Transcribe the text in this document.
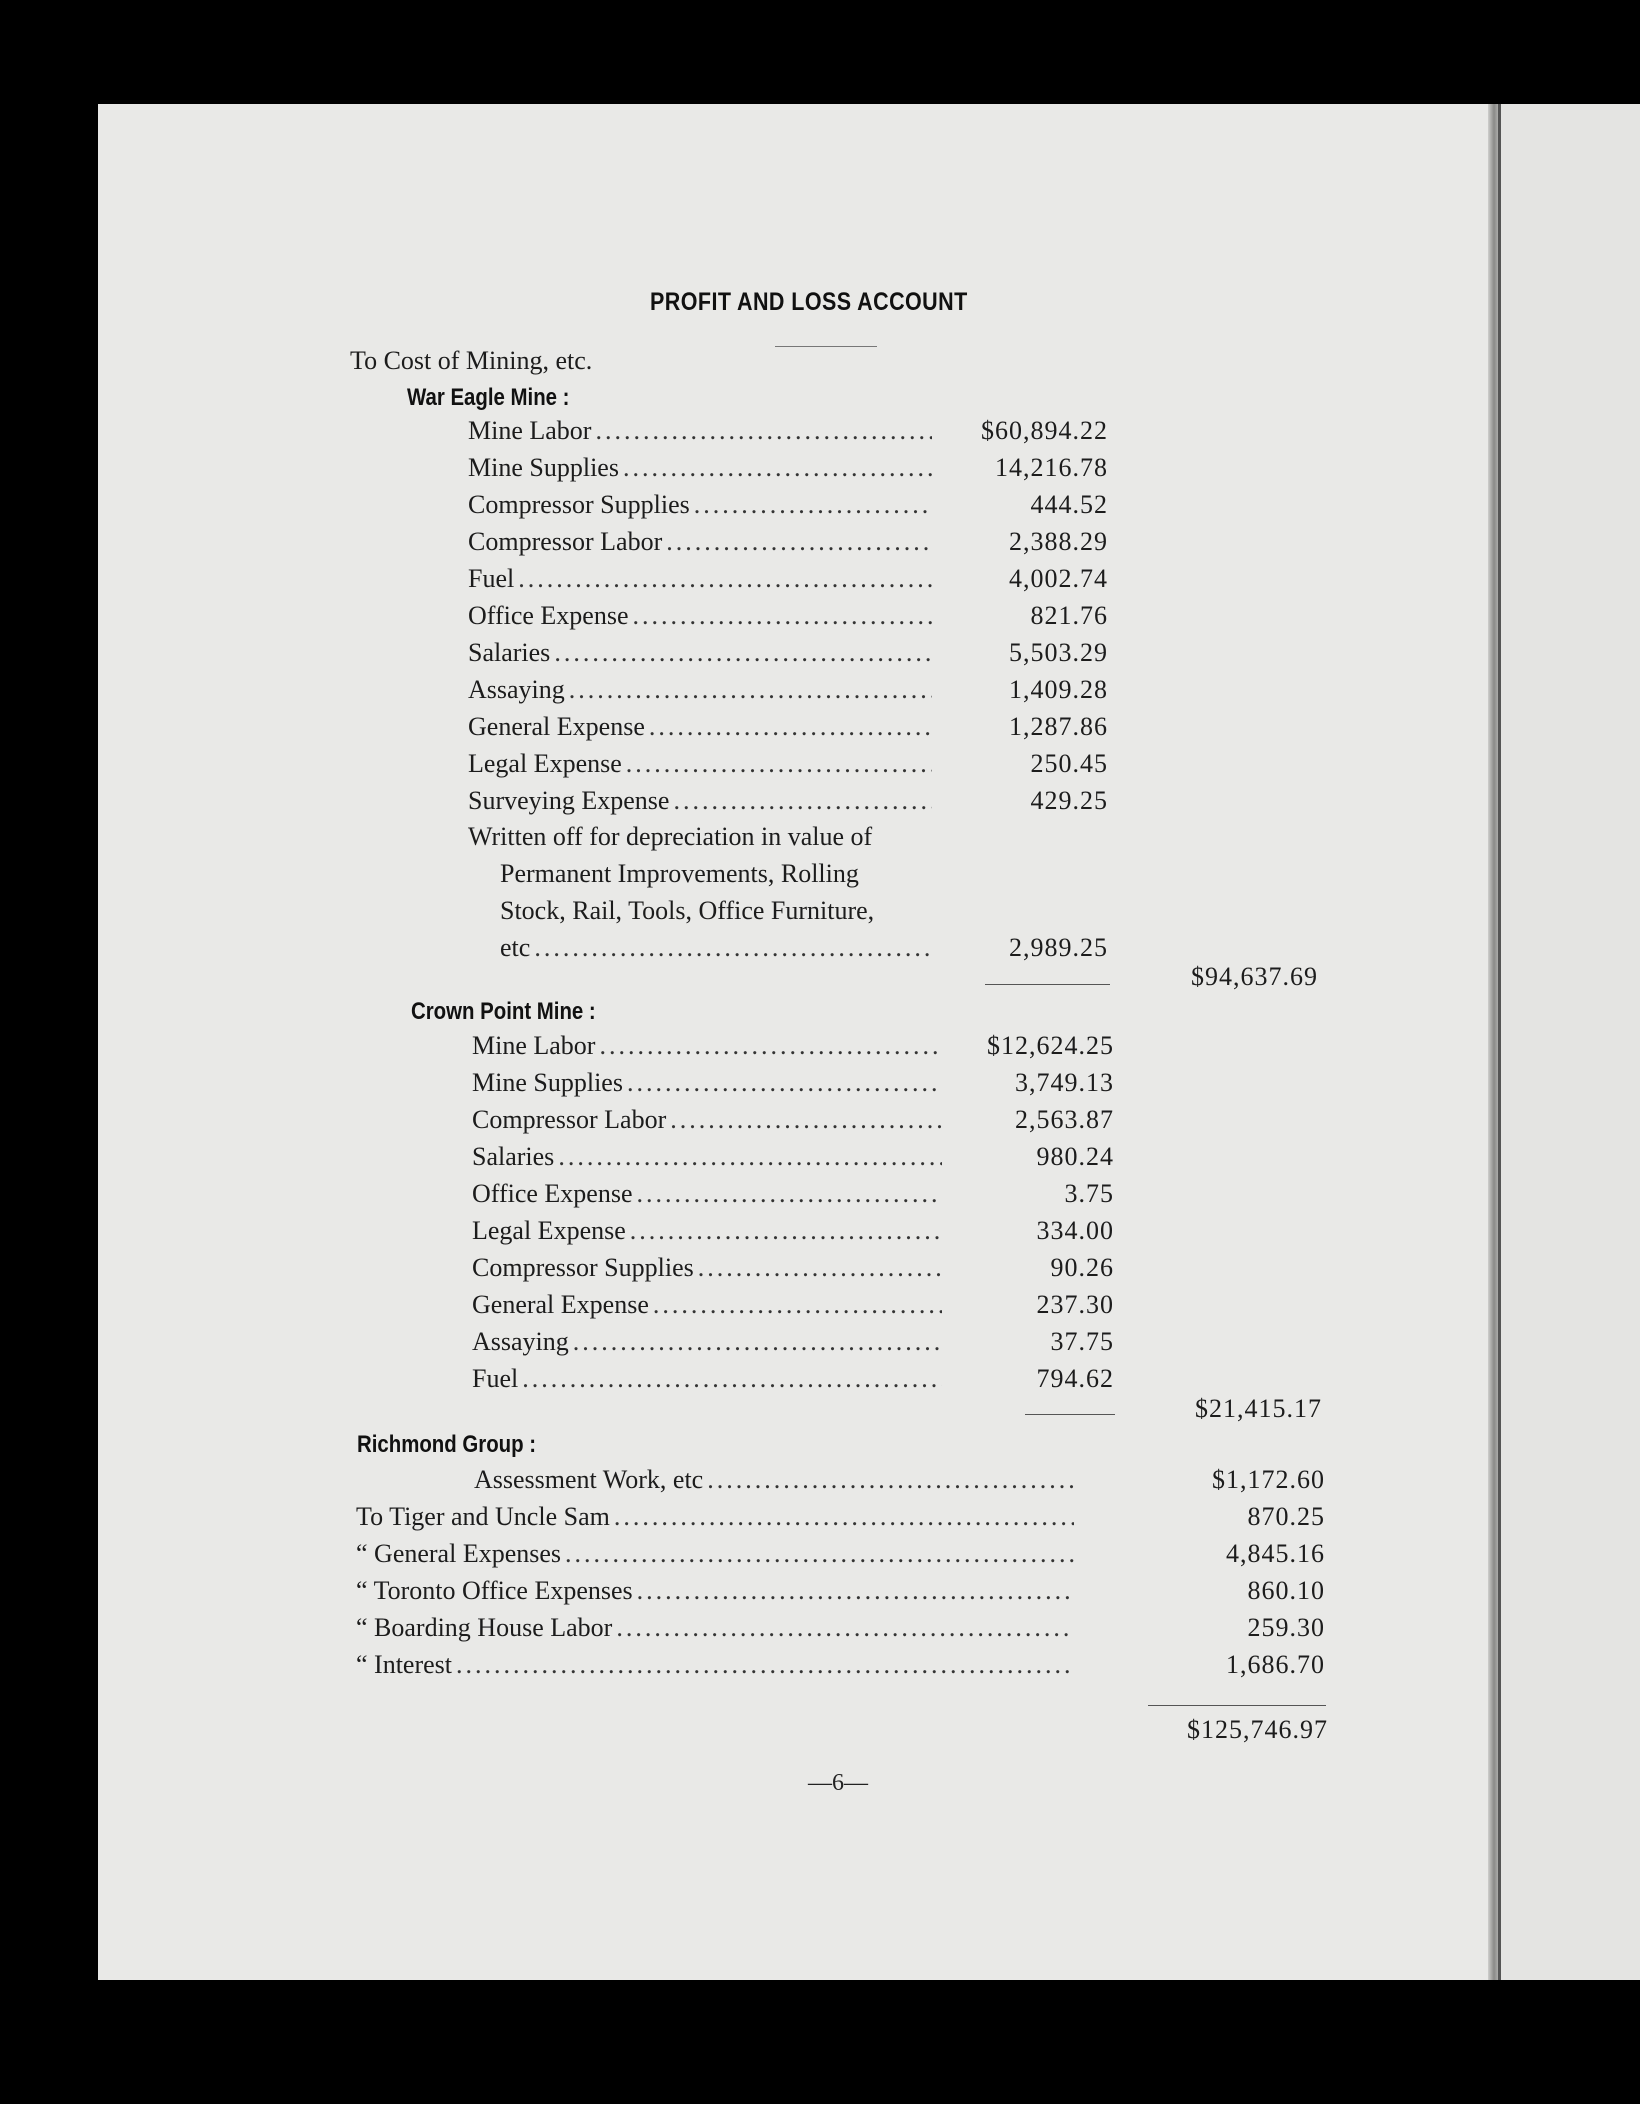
PROFIT AND LOSS ACCOUNT
To Cost of Mining, etc.
War Eagle Mine :
Mine Labor .....	$60,894.22
Mine Supplies .....	14,216.78
Compressor Supplies .....	444.52
Compressor Labor .....	2,388.29
Fuel .....	4,002.74
Office Expense .....	821.76
Salaries .....	5,503.29
Assaying .....	1,409.28
General Expense .....	1,287.86
Legal Expense .....	250.45
Surveying Expense .....	429.25
Written off for depreciation in value of
Permanent Improvements, Rolling
Stock, Rail, Tools, Office Furniture,
etc .....	2,989.25
$94,637.69
Crown Point Mine :
Mine Labor .....	$12,624.25
Mine Supplies .....	3,749.13
Compressor Labor .....	2,563.87
Salaries .....	980.24
Office Expense .....	3.75
Legal Expense .....	334.00
Compressor Supplies .....	90.26
General Expense .....	237.30
Assaying .....	37.75
Fuel .....	794.62
$21,415.17
Richmond Group :
Assessment Work, etc .....	$1,172.60
To Tiger and Uncle Sam .....	870.25
“ General Expenses .....	4,845.16
“ Toronto Office Expenses .....	860.10
“ Boarding House Labor .....	259.30
“ Interest .....	1,686.70
$125,746.97
—6—
